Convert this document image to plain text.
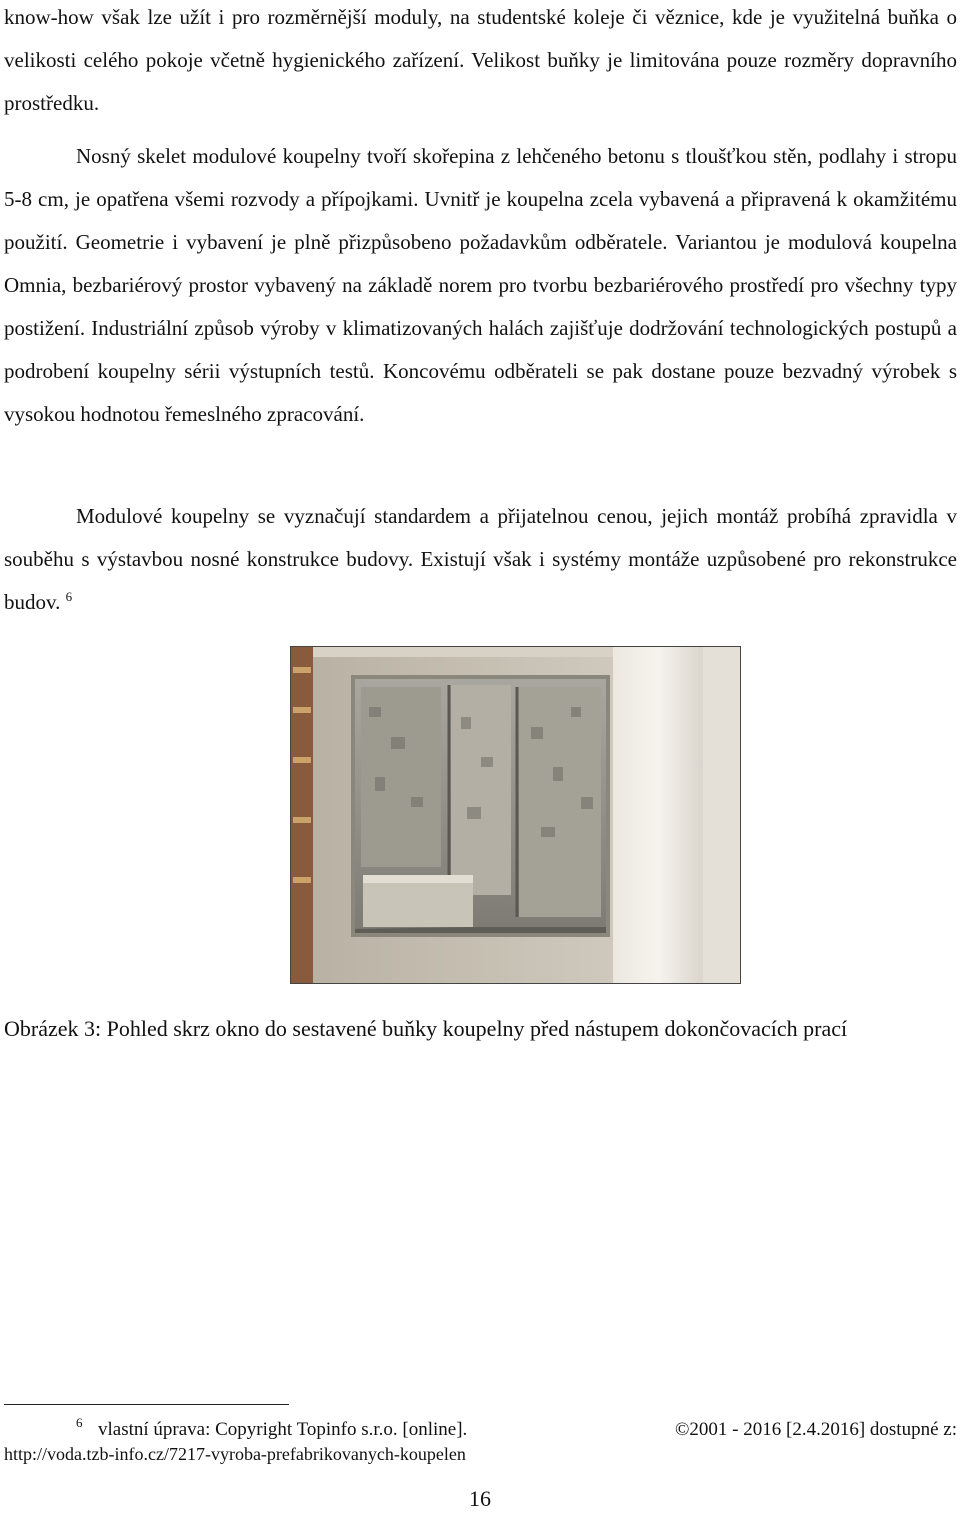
know-how však lze užít i pro rozměrnější moduly, na studentské koleje či věznice, kde je využitelná buňka o velikosti celého pokoje včetně hygienického zařízení. Velikost buňky je limitována pouze rozměry dopravního prostředku.

Nosný skelet modulové koupelny tvoří skořepina z lehčeného betonu s tloušťkou stěn, podlahy i stropu 5-8 cm, je opatřena všemi rozvody a přípojkami. Uvnitř je koupelna zcela vybavená a připravená k okamžitému použití. Geometrie i vybavení je plně přizpůsobeno požadavkům odběratele. Variantou je modulová koupelna Omnia, bezbariérový prostor vybavený na základě norem pro tvorbu bezbariérového prostředí pro všechny typy postižení. Industriální způsob výroby v klimatizovaných halách zajišťuje dodržování technologických postupů a podrobení koupelny sérii výstupních testů. Koncovému odběrateli se pak dostane pouze bezvadný výrobek s vysokou hodnotou řemeslného zpracování.

Modulové koupelny se vyznačují standardem a přijatelnou cenou, jejich montáž probíhá zpravidla v souběhu s výstavbou nosné konstrukce budovy. Existují však i systémy montáže uzpůsobené pro rekonstrukce budov. $^6$

Obrázek 3: Pohled skrz okno do sestavené buňky koupelny před nástupem dokončovacích prací

6 vlastní úprava: Copyright Topinfo s.r.o. [online].	©2001 - 2016 [2.4.2016] dostupné z:
http://voda.tzb-info.cz/7217-vyroba-prefabrikovanych-koupelen
16
